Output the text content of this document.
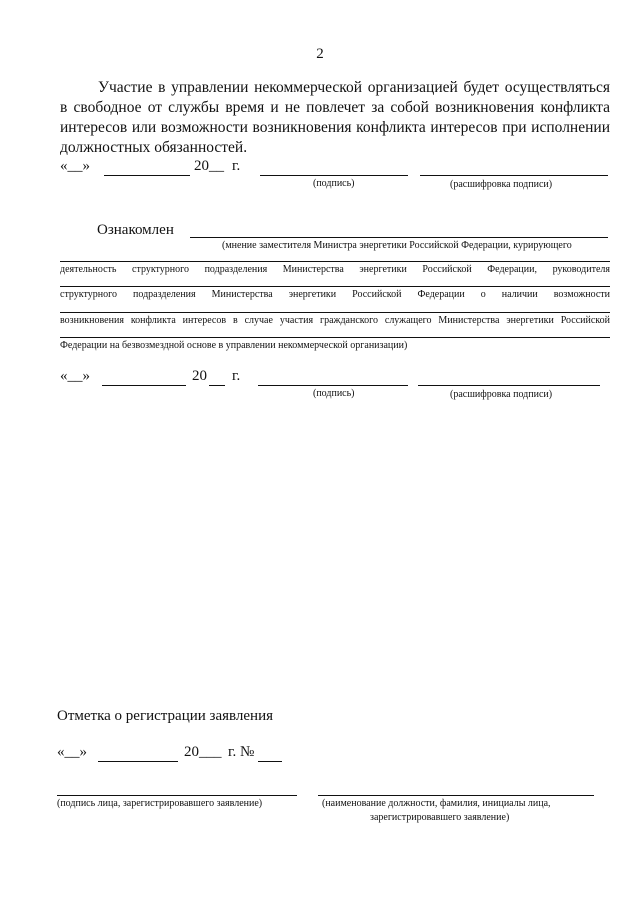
2
Участие в управлении некоммерческой организацией будет осуществляться в свободное от службы время и не повлечет за собой возникновения конфликта интересов или возможности возникновения конфликта интересов при исполнении должностных обязанностей.
«__»	20__ г.
(подпись)	(расшифровка подписи)
Ознакомлен
(мнение заместителя Министра энергетики Российской Федерации, курирующего
деятельность структурного подразделения Министерства энергетики Российской Федерации, руководителя
структурного подразделения Министерства энергетики Российской Федерации о наличии возможности
возникновения конфликта интересов в случае участия гражданского служащего Министерства энергетики Российской
Федерации на безвозмездной основе в управлении некоммерческой организации)
«__»	20 г.
(подпись)	(расшифровка подписи)
Отметка о регистрации заявления
«__»	20___ г. №
(подпись лица, зарегистрировавшего заявление)	(наименование должности, фамилия, инициалы лица,
зарегистрировавшего заявление)
